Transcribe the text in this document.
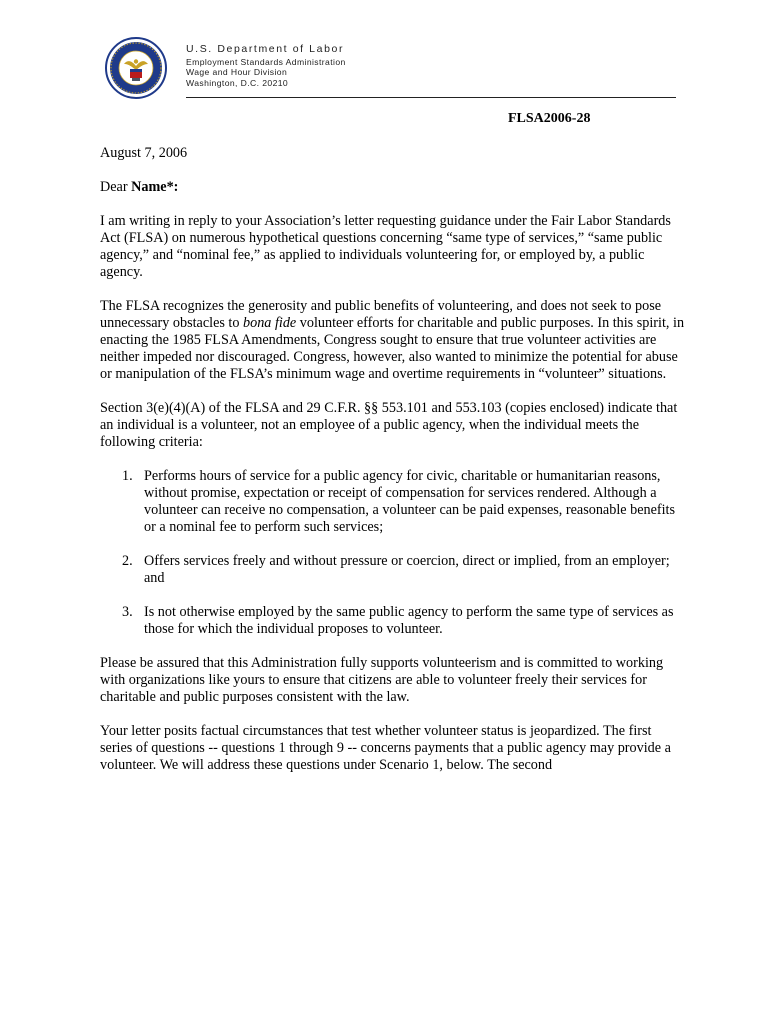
U.S. Department of Labor
Employment Standards Administration
Wage and Hour Division
Washington, D.C. 20210
FLSA2006-28

August 7, 2006

Dear Name*:

I am writing in reply to your Association’s letter requesting guidance under the Fair Labor Standards Act (FLSA) on numerous hypothetical questions concerning “same type of services,” “same public agency,” and “nominal fee,” as applied to individuals volunteering for, or employed by, a public agency.

The FLSA recognizes the generosity and public benefits of volunteering, and does not seek to pose unnecessary obstacles to bona fide volunteer efforts for charitable and public purposes. In this spirit, in enacting the 1985 FLSA Amendments, Congress sought to ensure that true volunteer activities are neither impeded nor discouraged. Congress, however, also wanted to minimize the potential for abuse or manipulation of the FLSA’s minimum wage and overtime requirements in “volunteer” situations.

Section 3(e)(4)(A) of the FLSA and 29 C.F.R. §§ 553.101 and 553.103 (copies enclosed) indicate that an individual is a volunteer, not an employee of a public agency, when the individual meets the following criteria:

1. Performs hours of service for a public agency for civic, charitable or humanitarian reasons, without promise, expectation or receipt of compensation for services rendered. Although a volunteer can receive no compensation, a volunteer can be paid expenses, reasonable benefits or a nominal fee to perform such services;
2. Offers services freely and without pressure or coercion, direct or implied, from an employer; and
3. Is not otherwise employed by the same public agency to perform the same type of services as those for which the individual proposes to volunteer.

Please be assured that this Administration fully supports volunteerism and is committed to working with organizations like yours to ensure that citizens are able to volunteer freely their services for charitable and public purposes consistent with the law.

Your letter posits factual circumstances that test whether volunteer status is jeopardized. The first series of questions -- questions 1 through 9 -- concerns payments that a public agency may provide a volunteer. We will address these questions under Scenario 1, below. The second
